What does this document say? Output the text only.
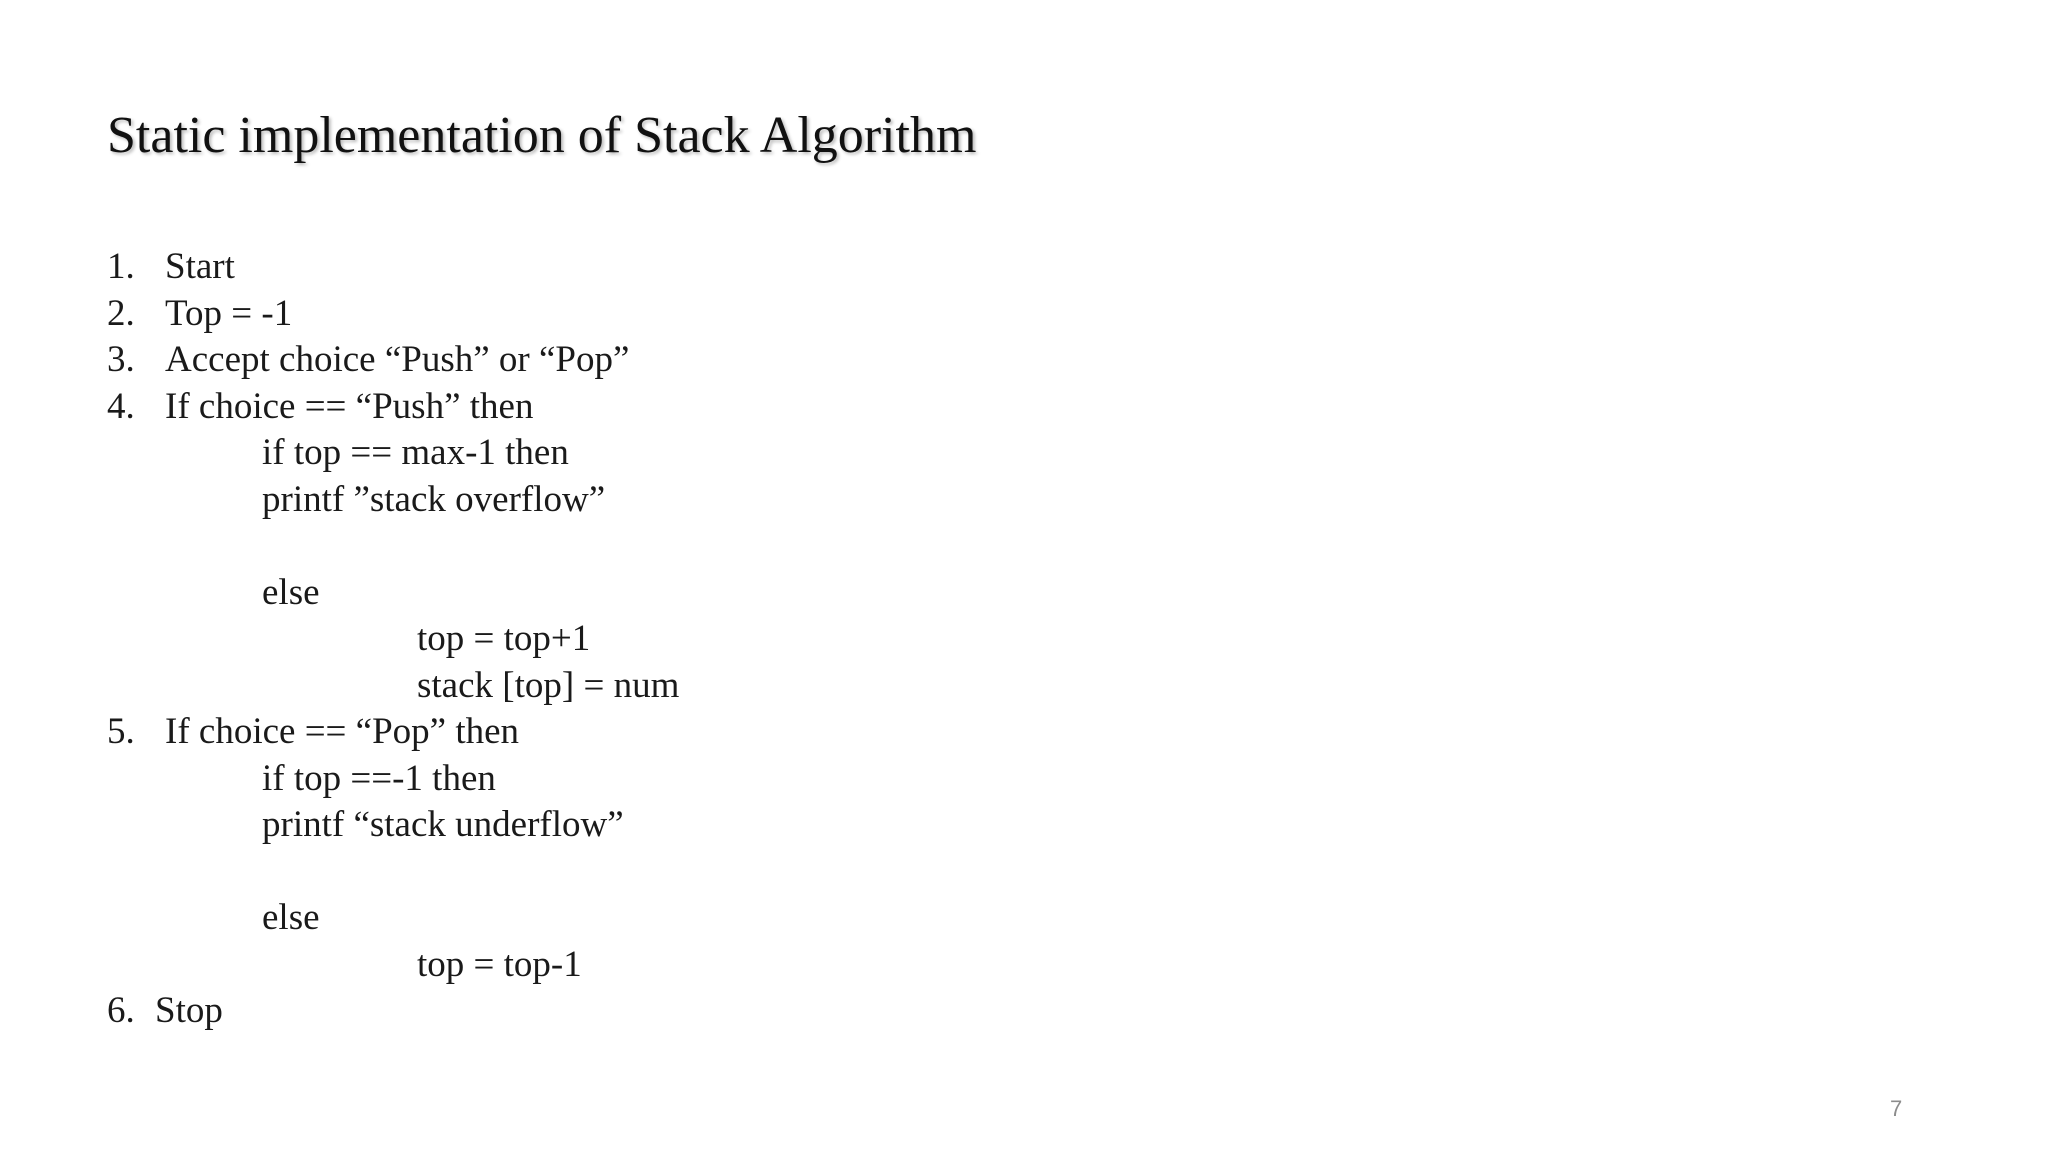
Static implementation of Stack Algorithm
1. Start
2. Top = -1
3. Accept choice “Push” or “Pop”
4. If choice == “Push” then
if top == max-1 then
printf ”stack overflow”
else
top = top+1
stack [top] = num
5. If choice == “Pop” then
if top ==-1 then
printf “stack underflow”
else
top = top-1
6. Stop
7
